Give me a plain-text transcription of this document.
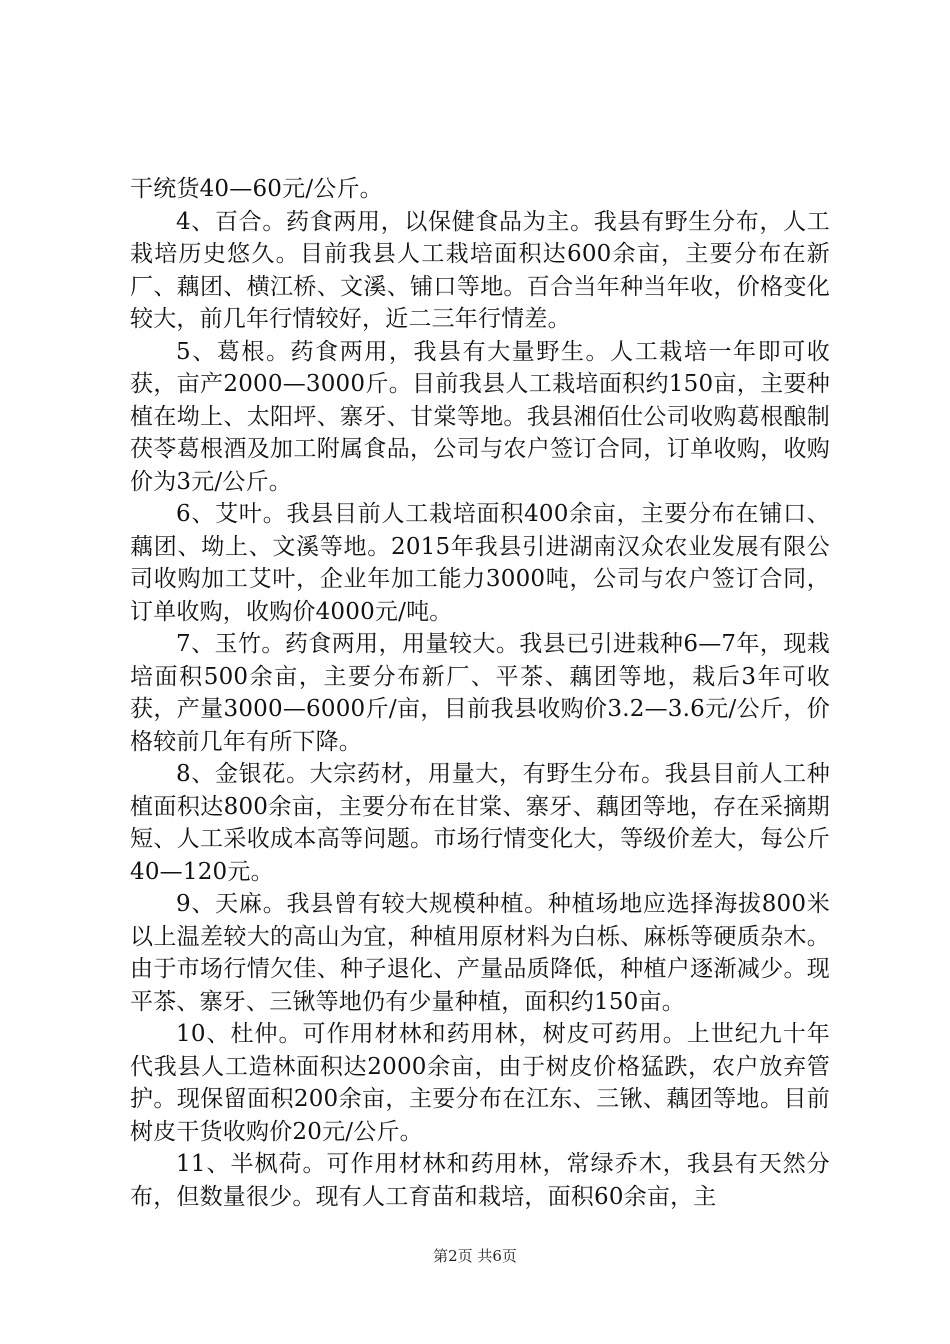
干统货40—60元/公斤。

4、百合。药食两用，以保健食品为主。我县有野生分布，人工栽培历史悠久。目前我县人工栽培面积达600余亩，主要分布在新厂、藕团、横江桥、文溪、铺口等地。百合当年种当年收，价格变化较大，前几年行情较好，近二三年行情差。

5、葛根。药食两用，我县有大量野生。人工栽培一年即可收获，亩产2000—3000斤。目前我县人工栽培面积约150亩，主要种植在坳上、太阳坪、寨牙、甘棠等地。我县湘佰仕公司收购葛根酿制茯苓葛根酒及加工附属食品，公司与农户签订合同，订单收购，收购价为3元/公斤。

6、艾叶。我县目前人工栽培面积400余亩，主要分布在铺口、藕团、坳上、文溪等地。2015年我县引进湖南汉众农业发展有限公司收购加工艾叶，企业年加工能力3000吨，公司与农户签订合同，订单收购，收购价4000元/吨。

7、玉竹。药食两用，用量较大。我县已引进栽种6—7年，现栽培面积500余亩，主要分布新厂、平茶、藕团等地，栽后3年可收获，产量3000—6000斤/亩，目前我县收购价3.2—3.6元/公斤，价格较前几年有所下降。

8、金银花。大宗药材，用量大，有野生分布。我县目前人工种植面积达800余亩，主要分布在甘棠、寨牙、藕团等地，存在采摘期短、人工采收成本高等问题。市场行情变化大，等级价差大，每公斤40—120元。

9、天麻。我县曾有较大规模种植。种植场地应选择海拔800米以上温差较大的高山为宜，种植用原材料为白栎、麻栎等硬质杂木。由于市场行情欠佳、种子退化、产量品质降低，种植户逐渐减少。现平茶、寨牙、三锹等地仍有少量种植，面积约150亩。

10、杜仲。可作用材林和药用林，树皮可药用。上世纪九十年代我县人工造林面积达2000余亩，由于树皮价格猛跌，农户放弃管护。现保留面积200余亩，主要分布在江东、三锹、藕团等地。目前树皮干货收购价20元/公斤。

11、半枫荷。可作用材林和药用林，常绿乔木，我县有天然分布，但数量很少。现有人工育苗和栽培，面积60余亩，主

第2页 共6页
